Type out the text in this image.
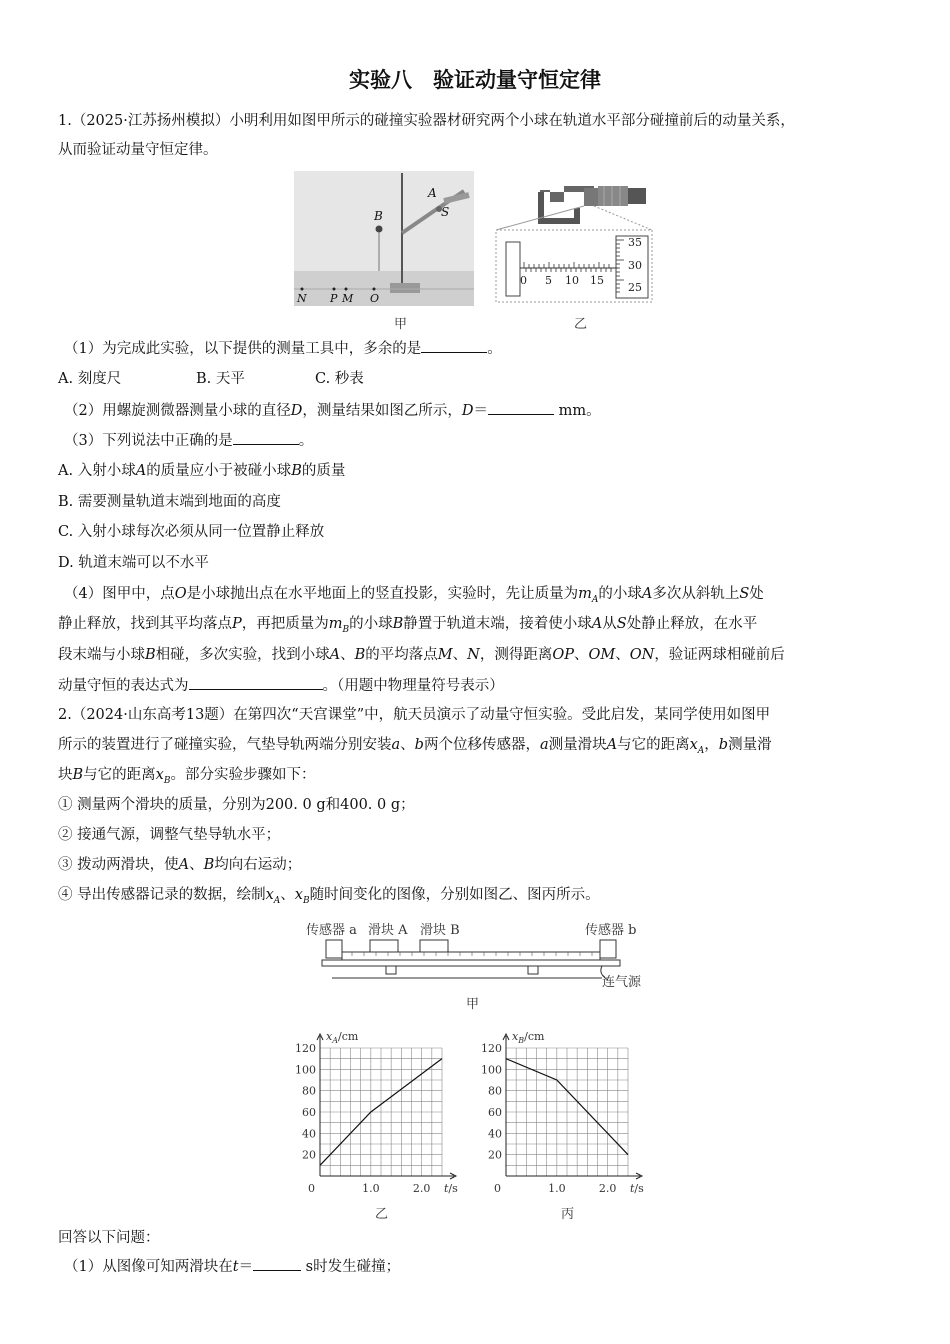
实验八　验证动量守恒定律
1.（2025·江苏扬州模拟）小明利用如图甲所示的碰撞实验器材研究两个小球在轨道水平部分碰撞前后的动量关系，
从而验证动量守恒定律。
A
S
B
N P M O
甲
0 5 10 15
35
30
25
乙
（1）为完成此实验，以下提供的测量工具中，多余的是	。
A. 刻度尺	B. 天平	C. 秒表
（2）用螺旋测微器测量小球的直径D，测量结果如图乙所示，D＝	mm。
（3）下列说法中正确的是	。
A. 入射小球A的质量应小于被碰小球B的质量
B. 需要测量轨道末端到地面的高度
C. 入射小球每次必须从同一位置静止释放
D. 轨道末端可以不水平
（4）图甲中，点O是小球抛出点在水平地面上的竖直投影，实验时，先让质量为$m_A$的小球A多次从斜轨上S处
静止释放，找到其平均落点P，再把质量为$m_B$的小球B静置于轨道末端，接着使小球A从S处静止释放，在水平
段末端与小球B相碰，多次实验，找到小球A、B的平均落点M、N，测得距离OP、OM、ON，验证两球相碰前后
动量守恒的表达式为	。（用题中物理量符号表示）
2.（2024·山东高考13题）在第四次“天宫课堂”中，航天员演示了动量守恒实验。受此启发，某同学使用如图甲
所示的装置进行了碰撞实验，气垫导轨两端分别安装a、b两个位移传感器，a测量滑块A与它的距离$x_A$，b测量滑
块B与它的距离$x_B$。部分实验步骤如下：
① 测量两个滑块的质量，分别为200. 0 g和400. 0 g；
② 接通气源，调整气垫导轨水平；
③ 拨动两滑块，使A、B均向右运动；
④ 导出传感器记录的数据，绘制$x_A$、$x_B$随时间变化的图像，分别如图乙、图丙所示。
传感器 a 滑块 A 滑块 B	传感器 b
连气源
甲
20
40
60
80
100
120
0	1.0	2.0
$x_A/cm$
t/s
乙
20
40
60
80
100
120
0	1.0	2.0
$x_B/cm$
t/s
丙
回答以下问题：
（1）从图像可知两滑块在t＝	s时发生碰撞；
